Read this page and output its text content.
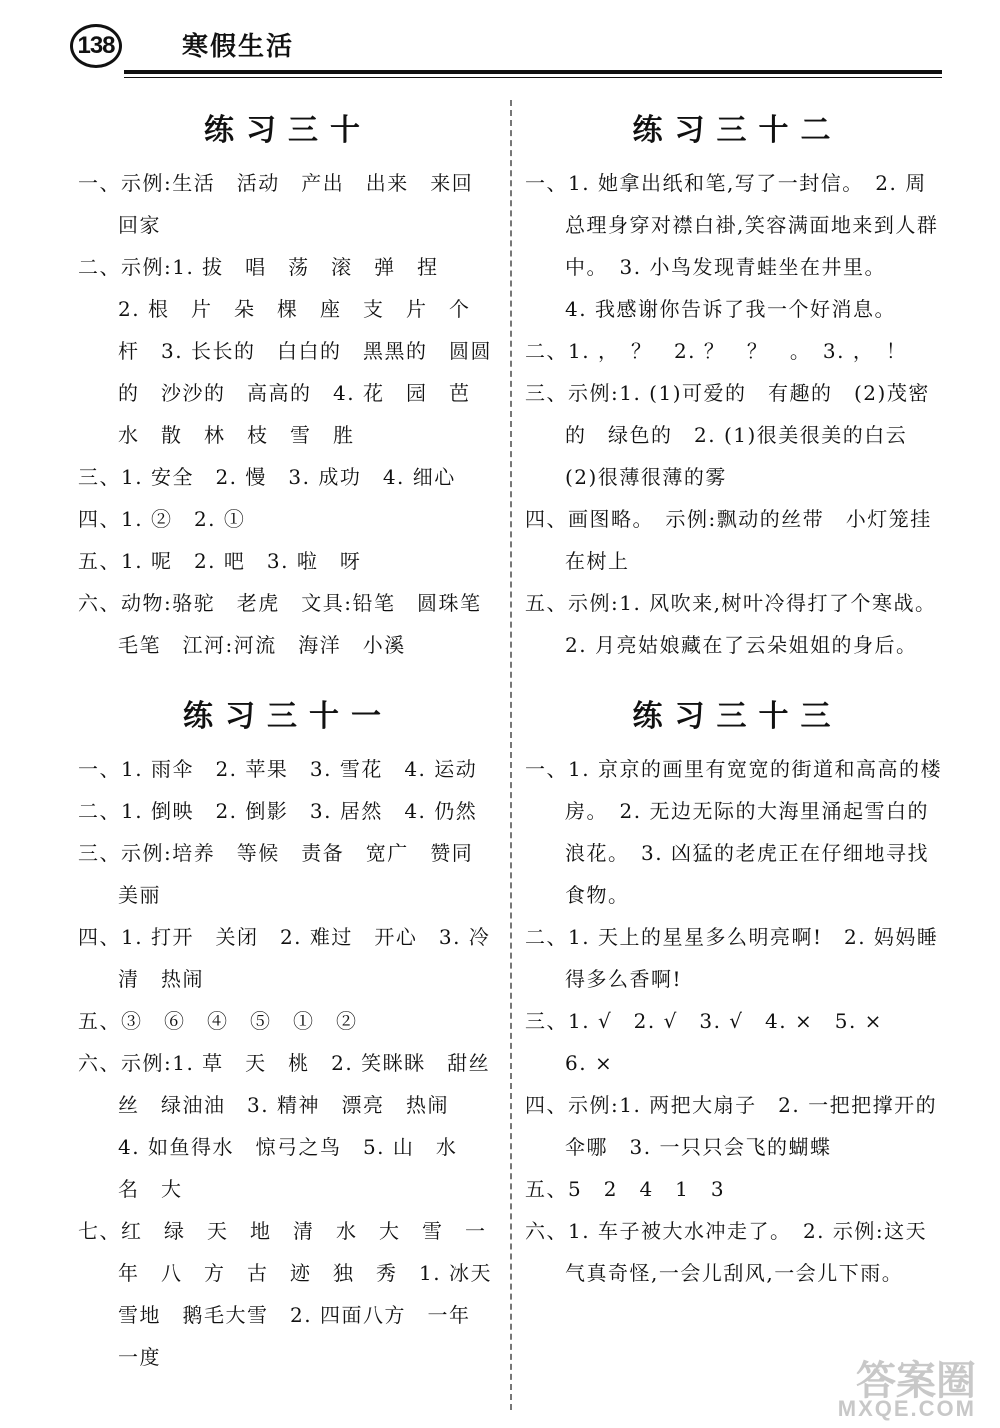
138	寒假生活
练习三十

一、示例:生活　活动　产出　出来　来回

回家

二、示例:1. 拔　唱　荡　滚　弹　捏

2. 根　片　朵　棵　座　支　片　个

杆　3. 长长的　白白的　黑黑的　圆圆

的　沙沙的　高高的　4. 花　园　芭

水　散　林　枝　雪　胜

三、1. 安全　2. 慢　3. 成功　4. 细心

四、1. ②　2. ①

五、1. 呢　2. 吧　3. 啦　呀

六、动物:骆驼　老虎　文具:铅笔　圆珠笔

毛笔　江河:河流　海洋　小溪

练习三十一

一、1. 雨伞　2. 苹果　3. 雪花　4. 运动

二、1. 倒映　2. 倒影　3. 居然　4. 仍然

三、示例:培养　等候　责备　宽广　赞同

美丽

四、1. 打开　关闭　2. 难过　开心　3. 冷

清　热闹

五、③　⑥　④　⑤　①　②

六、示例:1. 草　天　桃　2. 笑眯眯　甜丝

丝　绿油油　3. 精神　漂亮　热闹

4. 如鱼得水　惊弓之鸟　5. 山　水

名　大

七、红　绿　天　地　清　水　大　雪　一

年　八　方　古　迹　独　秀　1. 冰天

雪地　鹅毛大雪　2. 四面八方　一年

一度

练习三十二

一、1. 她拿出纸和笔,写了一封信。　2. 周

总理身穿对襟白褂,笑容满面地来到人群

中。　3. 小鸟发现青蛙坐在井里。

4. 我感谢你告诉了我一个好消息。

二、1. ，　？　2. ？　？　。　3. ，　！

三、示例:1. (1)可爱的　有趣的　(2)茂密

的　绿色的　2. (1)很美很美的白云

(2)很薄很薄的雾

四、画图略。　示例:飘动的丝带　小灯笼挂

在树上

五、示例:1. 风吹来,树叶冷得打了个寒战。

2. 月亮姑娘藏在了云朵姐姐的身后。

练习三十三

一、1. 京京的画里有宽宽的街道和高高的楼

房。　2. 无边无际的大海里涌起雪白的

浪花。　3. 凶猛的老虎正在仔细地寻找

食物。

二、1. 天上的星星多么明亮啊!　2. 妈妈睡

得多么香啊!

三、1. √　2. √　3. √　4. ×　5. ×

6. ×

四、示例:1. 两把大扇子　2. 一把把撑开的

伞哪　3. 一只只会飞的蝴蝶

五、5　2　4　1　3

六、1. 车子被大水冲走了。　2. 示例:这天

气真奇怪,一会儿刮风,一会儿下雨。

答案圈
MXQE.COM
